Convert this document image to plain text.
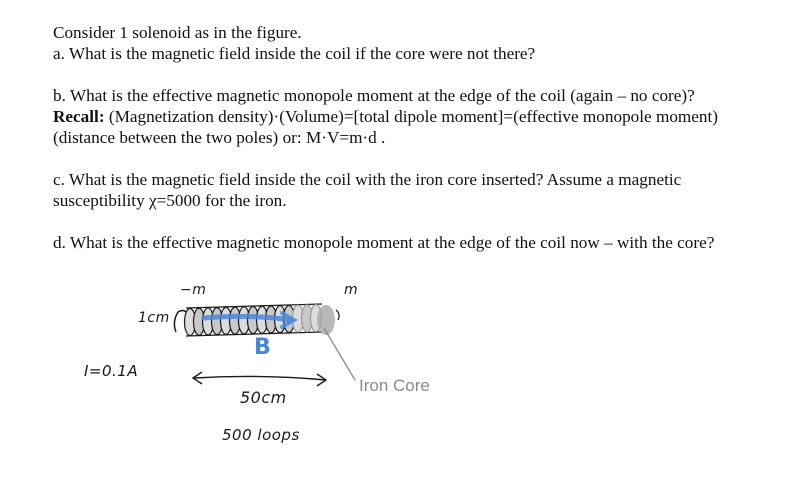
Consider 1 solenoid as in the figure.

a. What is the magnetic field inside the coil if the core were not there?

b. What is the effective magnetic monopole moment at the edge of the coil (again – no core)?

Recall: (Magnetization density)·(Volume)=[total dipole moment]=(effective monopole moment)

(distance between the two poles) or: M·V=m·d .

c. What is the magnetic field inside the coil with the iron core inserted? Assume a magnetic

susceptibility χ=5000 for the iron.

d. What is the effective magnetic monopole moment at the edge of the coil now – with the core?

−m	m
1cm
I=0.1A
B
50cm
500 loops
Iron Core
